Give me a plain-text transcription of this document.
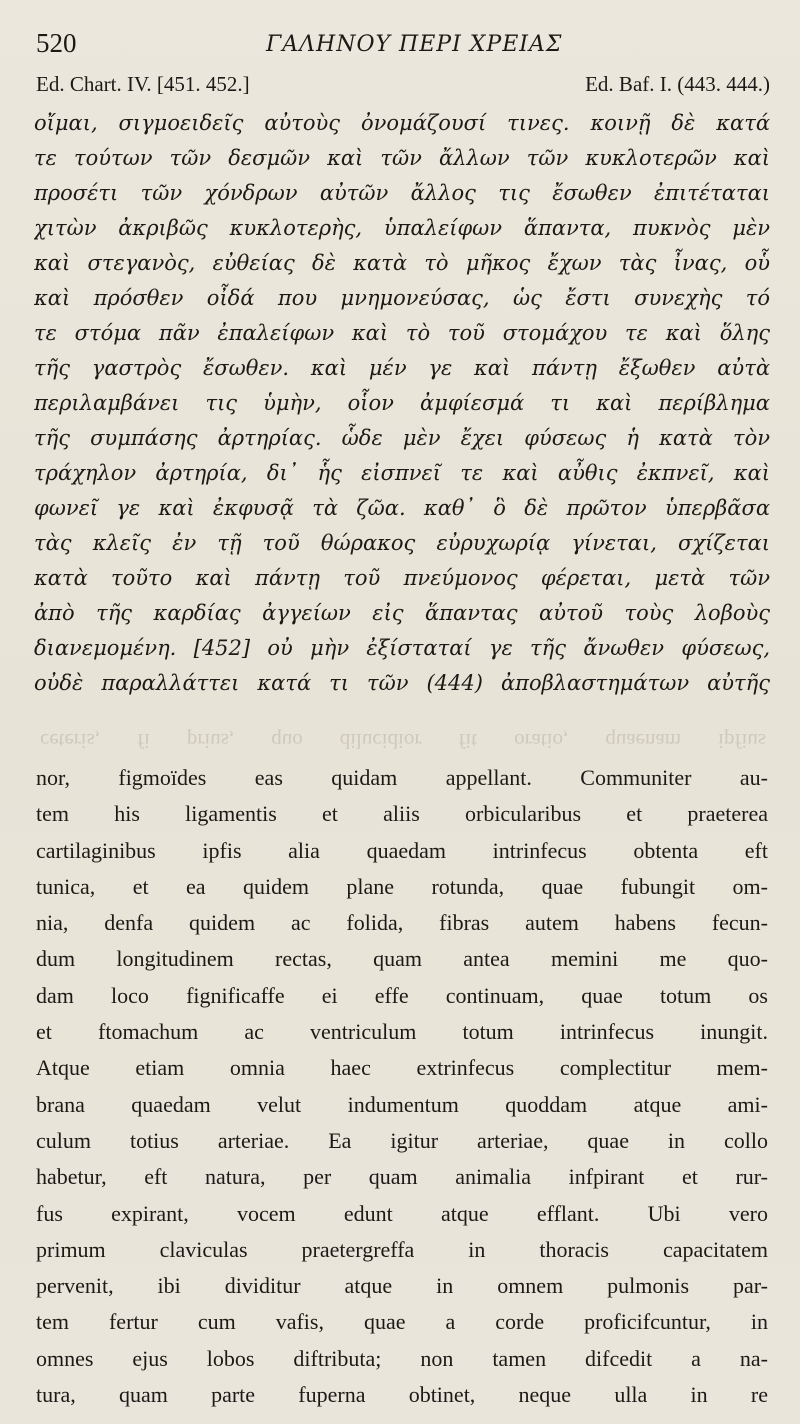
520	ΓΑΛΗΝΟΥ ΠΕΡΙ ΧΡΕΙΑΣ
Ed. Chart. IV. [451. 452.]	Ed. Baf. I. (443. 444.)
οἴμαι, σιγμοειδεῖς αὐτοὺς ὀνομάζουσί τινες. κοινῇ δὲ κατά
τε τούτων τῶν δεσμῶν καὶ τῶν ἄλλων τῶν κυκλοτερῶν καὶ
προσέτι τῶν χόνδρων αὐτῶν ἄλλος τις ἔσωθεν ἐπιτέταται
χιτὼν ἀκριβῶς κυκλοτερὴς, ὑπαλείφων ἅπαντα, πυκνὸς μὲν
καὶ στεγανὸς, εὐθείας δὲ κατὰ τὸ μῆκος ἔχων τὰς ἶνας, οὗ
καὶ πρόσθεν οἶδά που μνημονεύσας, ὡς ἔστι συνεχὴς τό
τε στόμα πᾶν ἐπαλείφων καὶ τὸ τοῦ στομάχου τε καὶ ὅλης
τῆς γαστρὸς ἔσωθεν. καὶ μέν γε καὶ πάντῃ ἔξωθεν αὐτὰ
περιλαμβάνει τις ὑμὴν, οἷον ἀμφίεσμά τι καὶ περίβλημα
τῆς συμπάσης ἀρτηρίας. ὧδε μὲν ἔχει φύσεως ἡ κατὰ τὸν
τράχηλον ἀρτηρία, δι᾽ ἧς εἰσπνεῖ τε καὶ αὖθις ἐκπνεῖ, καὶ
φωνεῖ γε καὶ ἐκφυσᾷ τὰ ζῶα. καθ᾽ ὃ δὲ πρῶτον ὑπερβᾶσα
τὰς κλεῖς ἐν τῇ τοῦ θώρακος εὐρυχωρίᾳ γίνεται, σχίζεται
κατὰ τοῦτο καὶ πάντῃ τοῦ πνεύμονος φέρεται, μετὰ τῶν
ἀπὸ τῆς καρδίας ἀγγείων εἰς ἅπαντας αὐτοῦ τοὺς λοβοὺς
διανεμομένη. [452] οὐ μὴν ἐξίσταταί γε τῆς ἄνωθεν φύσεως,
οὐδὲ παραλλάττει κατά τι τῶν (444) ἀποβλαστημάτων αὐτῆς
ceteris, fi prius, quo dilucidior fit oratio, quaenam ipfius
nor, figmoïdes eas quidam appellant. Communiter au-
tem his ligamentis et aliis orbicularibus et praeterea
cartilaginibus ipfis alia quaedam intrinfecus obtenta eft
tunica, et ea quidem plane rotunda, quae fubungit om-
nia, denfa quidem ac folida, fibras autem habens fecun-
dum longitudinem rectas, quam antea memini me quo-
dam loco fignificaffe ei effe continuam, quae totum os
et ftomachum ac ventriculum totum intrinfecus inungit.
Atque etiam omnia haec extrinfecus complectitur mem-
brana quaedam velut indumentum quoddam atque ami-
culum totius arteriae. Ea igitur arteriae, quae in collo
habetur, eft natura, per quam animalia infpirant et rur-
fus expirant, vocem edunt atque efflant. Ubi vero
primum claviculas praetergreffa in thoracis capacitatem
pervenit, ibi dividitur atque in omnem pulmonis par-
tem fertur cum vafis, quae a corde proficifcuntur, in
omnes ejus lobos diftributa; non tamen difcedit a na-
tura, quam parte fuperna obtinet, neque ulla in re
